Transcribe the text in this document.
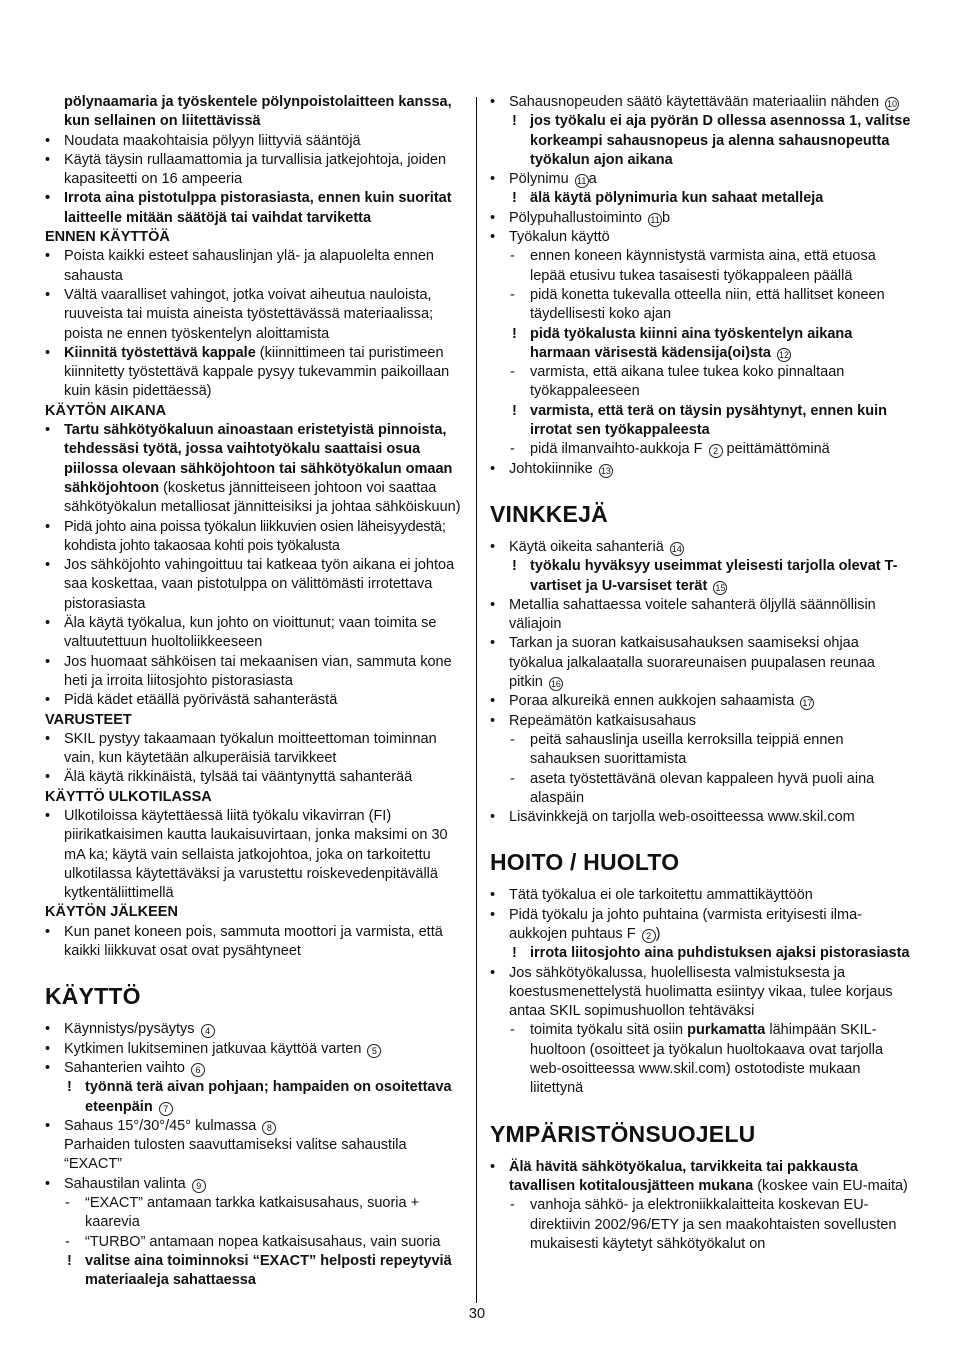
pölynaamaria ja työskentele pölynpoistolaitteen kanssa, kun sellainen on liitettävissä
• Noudata maakohtaisia pölyyn liittyviä sääntöjä
• Käytä täysin rullaamattomia ja turvallisia jatkejohtoja, joiden kapasiteetti on 16 ampeeria
• Irrota aina pistotulppa pistorasiasta, ennen kuin suoritat laitteelle mitään säätöjä tai vaihdat tarviketta
ENNEN KÄYTTÖÄ
• Poista kaikki esteet sahauslinjan ylä- ja alapuolelta ennen sahausta
• Vältä vaaralliset vahingot, jotka voivat aiheutua nauloista, ruuveista tai muista aineista työstettävässä materiaalissa; poista ne ennen työskentelyn aloittamista
• Kiinnitä työstettävä kappale (kiinnittimeen tai puristimeen kiinnitetty työstettävä kappale pysyy tukevammin paikoillaan kuin käsin pidettäessä)
KÄYTÖN AIKANA
• Tartu sähkötyökaluun ainoastaan eristetyistä pinnoista, tehdessäsi työtä, jossa vaihtotyökalu saattaisi osua piilossa olevaan sähköjohtoon tai sähkötyökalun omaan sähköjohtoon (kosketus jännitteiseen johtoon voi saattaa sähkötyökalun metalliosat jännitteisiksi ja johtaa sähköiskuun)
• Pidä johto aina poissa työkalun liikkuvien osien läheisyydestä; kohdista johto takaosaa kohti pois työkalusta
• Jos sähköjohto vahingoittuu tai katkeaa työn aikana ei johtoa saa koskettaa, vaan pistotulppa on välittömästi irrotettava pistorasiasta
• Äla käytä työkalua, kun johto on vioittunut; vaan toimita se valtuutettuun huoltoliikkeeseen
• Jos huomaat sähköisen tai mekaanisen vian, sammuta kone heti ja irroita liitosjohto pistorasiasta
• Pidä kädet etäällä pyörivästä sahanterästä
VARUSTEET
• SKIL pystyy takaamaan työkalun moitteettoman toiminnan vain, kun käytetään alkuperäisiä tarvikkeet
• Älä käytä rikkinäistä, tylsää tai vääntynyttä sahanterää
KÄYTTÖ ULKOTILASSA
• Ulkotiloissa käytettäessä liitä työkalu vikavirran (FI) piirikatkaisimen kautta laukaisuvirtaan, jonka maksimi on 30 mA ka; käytä vain sellaista jatkojohtoa, joka on tarkoitettu ulkotilassa käytettäväksi ja varustettu roiskevedenpitävällä kytkentäliittimellä
KÄYTÖN JÄLKEEN
• Kun panet koneen pois, sammuta moottori ja varmista, että kaikki liikkuvat osat ovat pysähtyneet
KÄYTTÖ
• Käynnistys/pysäytys 4
• Kytkimen lukitseminen jatkuvaa käyttöä varten 5
• Sahanterien vaihto 6
! työnnä terä aivan pohjaan; hampaiden on osoitettava eteenpäin 7
• Sahaus 15°/30°/45° kulmassa 8
Parhaiden tulosten saavuttamiseksi valitse sahaustila “EXACT”
• Sahaustilan valinta 9
- “EXACT” antamaan tarkka katkaisusahaus, suoria + kaarevia
- “TURBO” antamaan nopea katkaisusahaus, vain suoria
! valitse aina toiminnoksi “EXACT” helposti repeytyviä materiaaleja sahattaessa
• Sahausnopeuden säätö käytettävään materiaaliin nähden 10
! jos työkalu ei aja pyörän D ollessa asennossa 1, valitse korkeampi sahausnopeus ja alenna sahausnopeutta työkalun ajon aikana
• Pölynimu 11 a
! älä käytä pölynimuria kun sahaat metalleja
• Pölypuhallustoiminto 11 b
• Työkalun käyttö
- ennen koneen käynnistystä varmista aina, että etuosa lepää etusivu tukea tasaisesti työkappaleen päällä
- pidä konetta tukevalla otteella niin, että hallitset koneen täydellisesti koko ajan
! pidä työkalusta kiinni aina työskentelyn aikana harmaan värisestä kädensija(oi)sta 12
- varmista, että aikana tulee tukea koko pinnaltaan työkappaleeseen
! varmista, että terä on täysin pysähtynyt, ennen kuin irrotat sen työkappaleesta
- pidä ilmanvaihto-aukkoja F 2 peittämättöminä
• Johtokiinnike 13
VINKKEJÄ
• Käytä oikeita sahanteriä 14
! työkalu hyväksyy useimmat yleisesti tarjolla olevat T-vartiset ja U-varsiset terät 15
• Metallia sahattaessa voitele sahanterä öljyllä säännöllisin väliajoin
• Tarkan ja suoran katkaisusahauksen saamiseksi ohjaa työkalua jalkalaatalla suorareunaisen puupalasen reunaa pitkin 16
• Poraa alkureikä ennen aukkojen sahaamista 17
• Repeämätön katkaisusahaus
- peitä sahauslinja useilla kerroksilla teippiä ennen sahauksen suorittamista
- aseta työstettävänä olevan kappaleen hyvä puoli aina alaspäin
• Lisävinkkejä on tarjolla web-osoitteessa www.skil.com
HOITO / HUOLTO
• Tätä työkalua ei ole tarkoitettu ammattikäyttöön
• Pidä työkalu ja johto puhtaina (varmista erityisesti ilma-aukkojen puhtaus F 2 )
! irrota liitosjohto aina puhdistuksen ajaksi pistorasiasta
• Jos sähkötyökalussa, huolellisesta valmistuksesta ja koestusmenettelystä huolimatta esiintyy vikaa, tulee korjaus antaa SKIL sopimushuollon tehtäväksi
- toimita työkalu sitä osiin purkamatta lähimpään SKIL-huoltoon (osoitteet ja työkalun huoltokaava ovat tarjolla web-osoitteessa www.skil.com) ostotodiste mukaan liitettynä
YMPÄRISTÖNSUOJELU
• Älä hävitä sähkötyökalua, tarvikkeita tai pakkausta tavallisen kotitalousjätteen mukana (koskee vain EU-maita)
- vanhoja sähkö- ja elektroniikkalaitteita koskevan EU-direktiivin 2002/96/ETY ja sen maakohtaisten sovellusten mukaisesti käytetyt sähkötyökalut on
30
